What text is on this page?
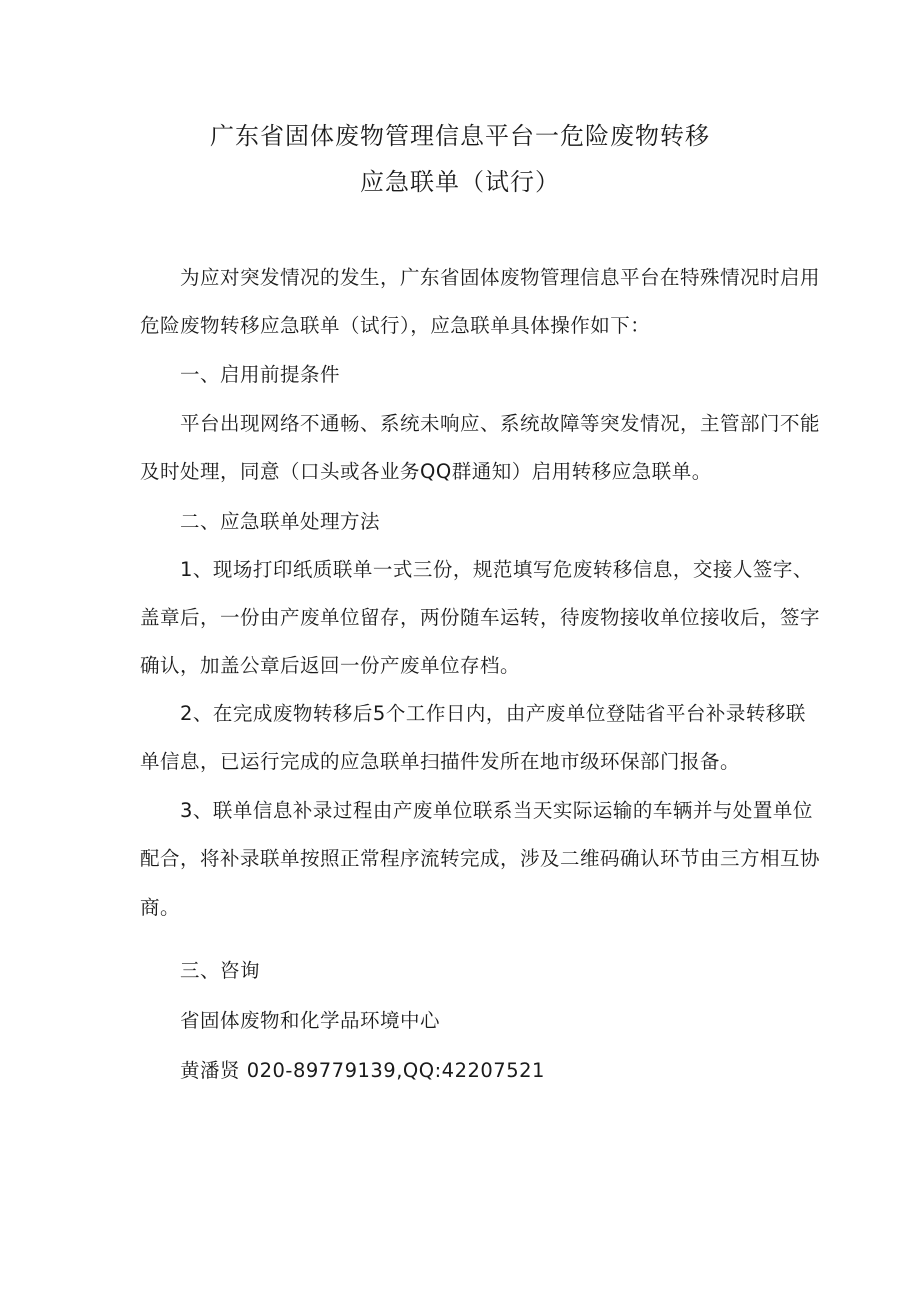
广东省固体废物管理信息平台一危险废物转移
应急联单（试行）
为应对突发情况的发生，广东省固体废物管理信息平台在特殊情况时启用
危险废物转移应急联单（试行），应急联单具体操作如下：
一、启用前提条件
平台出现网络不通畅、系统未响应、系统故障等突发情况，主管部门不能
及时处理，同意（口头或各业务QQ群通知）启用转移应急联单。
二、应急联单处理方法
1、现场打印纸质联单一式三份，规范填写危废转移信息，交接人签字、
盖章后，一份由产废单位留存，两份随车运转，待废物接收单位接收后，签字
确认，加盖公章后返回一份产废单位存档。
2、在完成废物转移后5个工作日内，由产废单位登陆省平台补录转移联
单信息，已运行完成的应急联单扫描件发所在地市级环保部门报备。
3、联单信息补录过程由产废单位联系当天实际运输的车辆并与处置单位
配合，将补录联单按照正常程序流转完成，涉及二维码确认环节由三方相互协
商。
三、咨询
省固体废物和化学品环境中心
黄潘贤 020-89779139,QQ:42207521
